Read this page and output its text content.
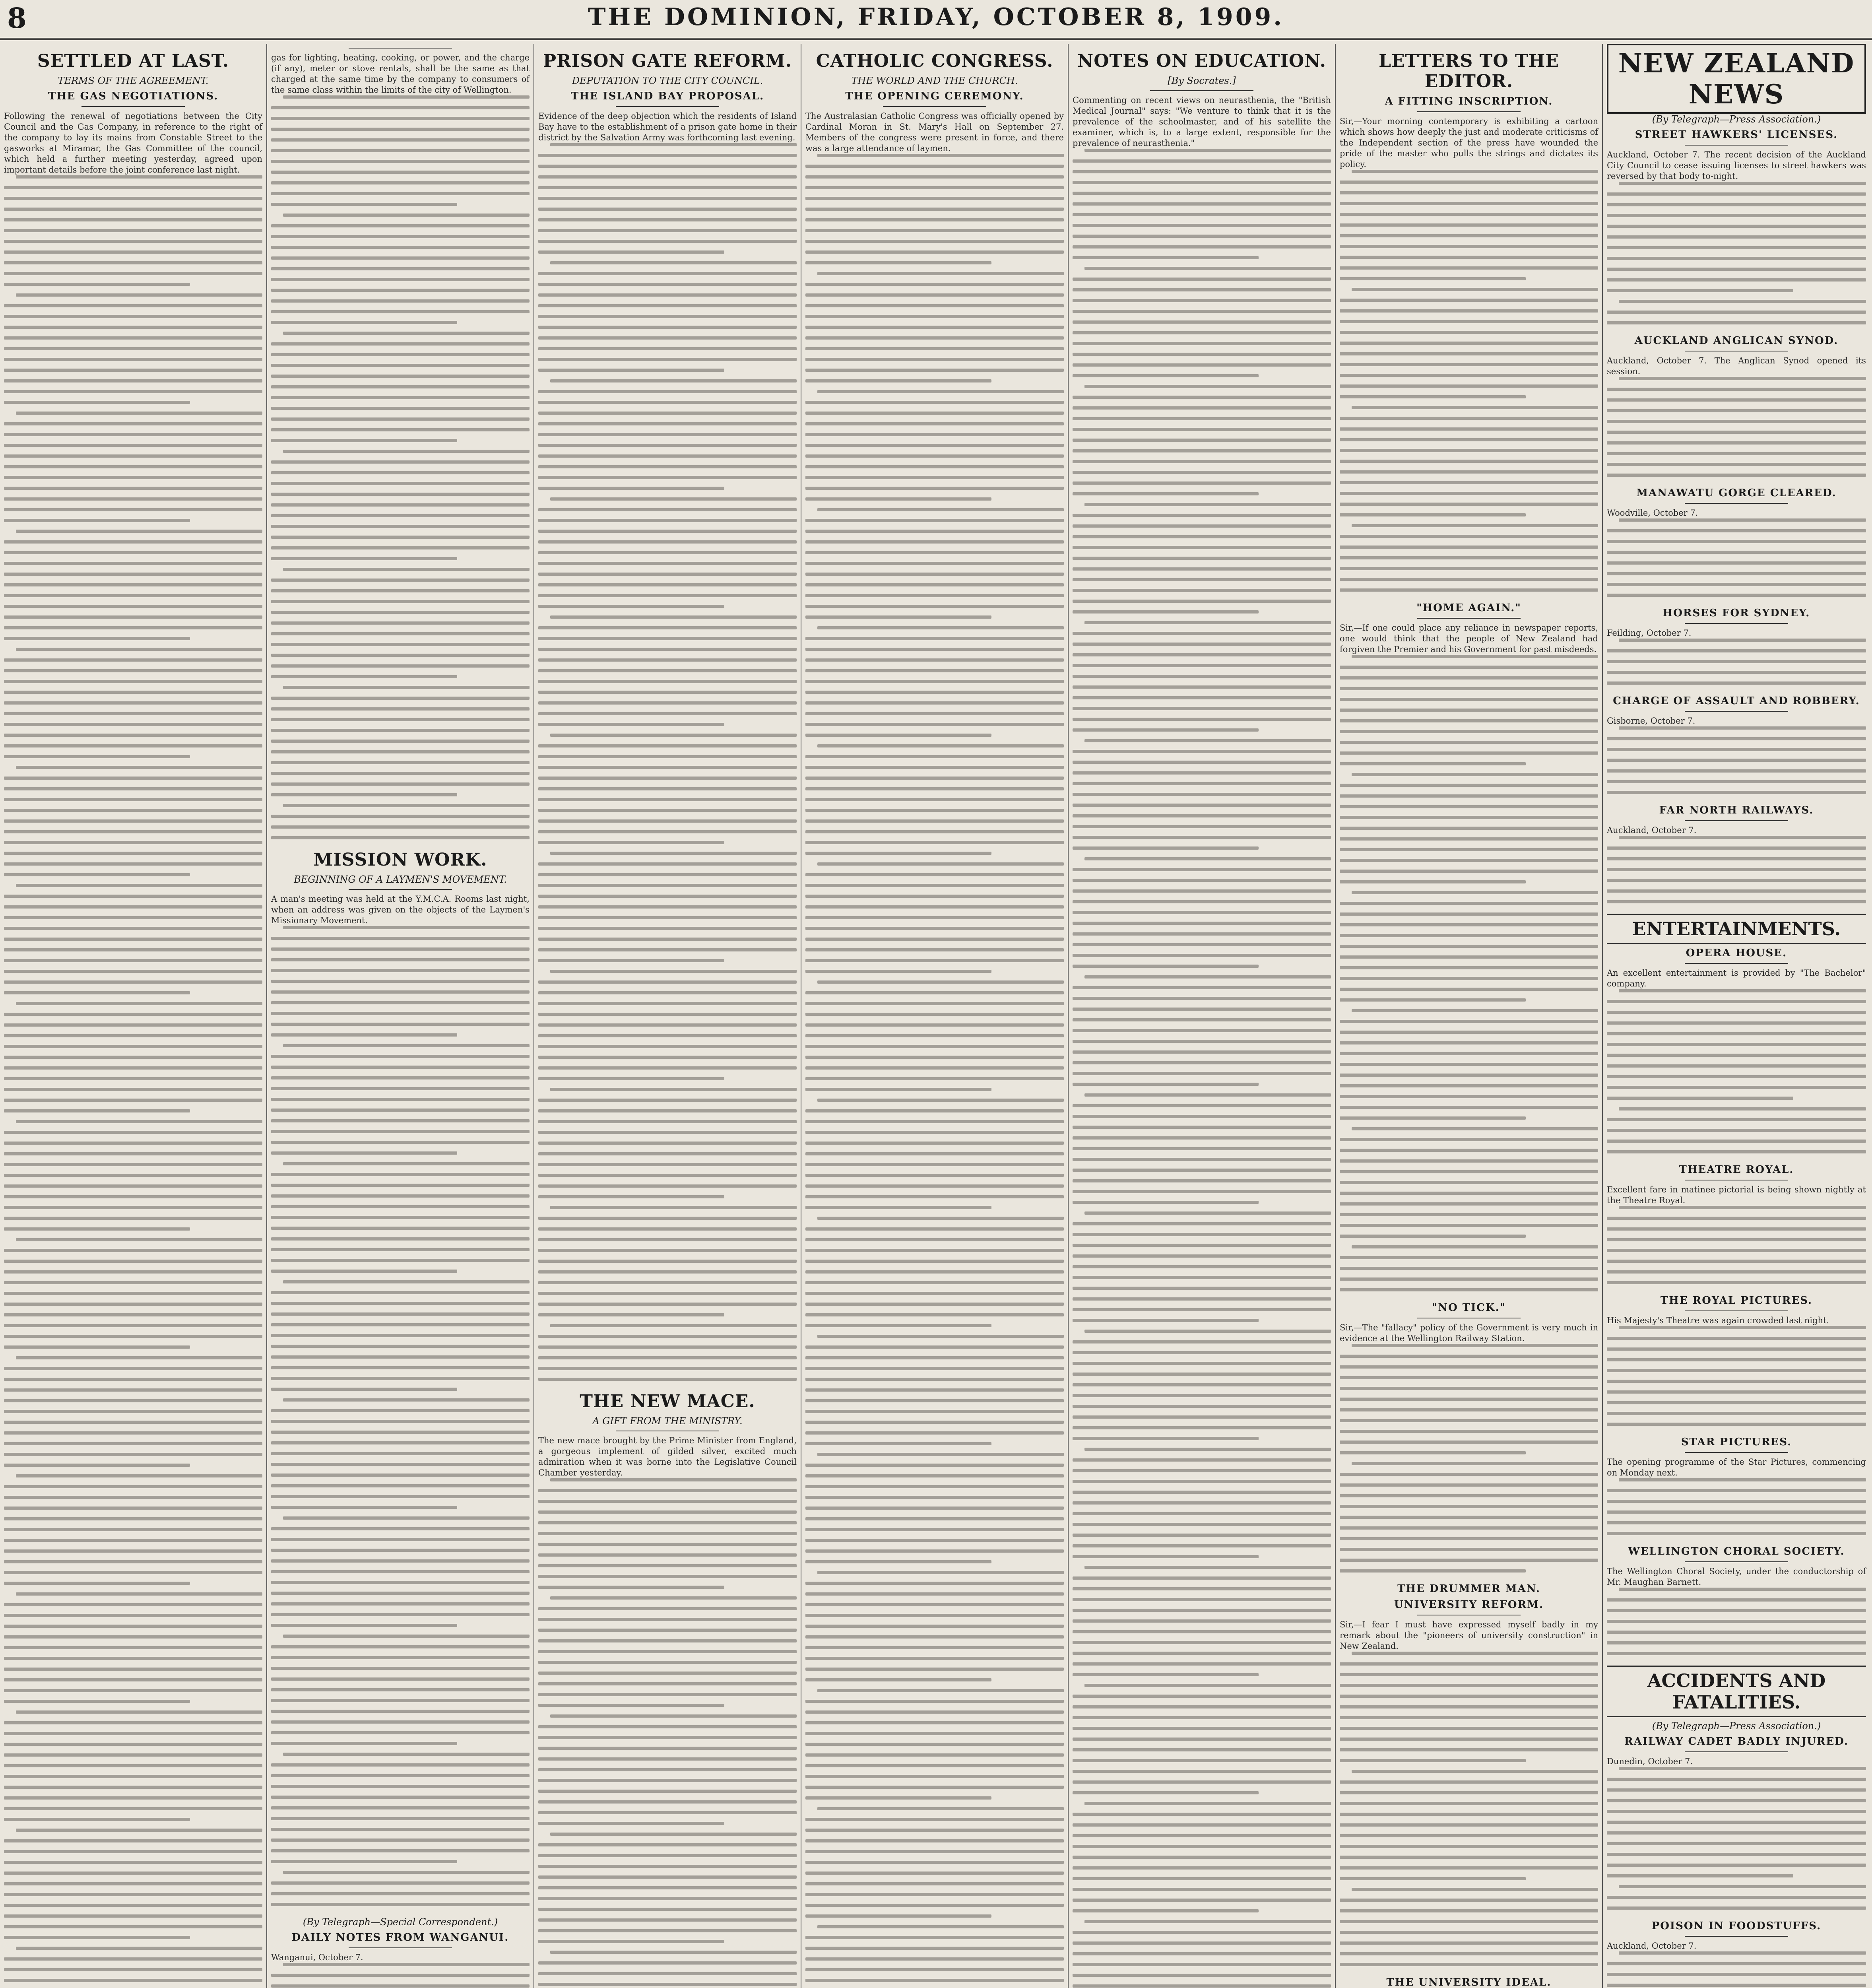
8	THE DOMINION, FRIDAY, OCTOBER 8, 1909.
SETTLED AT LAST.
TERMS OF THE AGREEMENT.
THE GAS NEGOTIATIONS.
Following the renewal of negotiations between the City Council and the Gas Company, in reference to the right of the company to lay its mains from Constable Street to the gasworks at Miramar, the Gas Committee of the council, which held a further meeting yesterday, agreed upon important details before the joint conference last night.
gas for lighting, heating, cooking, or power, and the charge (if any), meter or stove rentals, shall be the same as that charged at the same time by the company to consumers of the same class within the limits of the city of Wellington.
MISSION WORK.
BEGINNING OF A LAYMEN'S MOVEMENT.
A man's meeting was held at the Y.M.C.A. Rooms last night, when an address was given on the objects of the Laymen's Missionary Movement.
(By Telegraph—Special Correspondent.)
DAILY NOTES FROM WANGANUI.
Wanganui, October 7.
PRISON GATE REFORM.
DEPUTATION TO THE CITY COUNCIL.
THE ISLAND BAY PROPOSAL.
Evidence of the deep objection which the residents of Island Bay have to the establishment of a prison gate home in their district by the Salvation Army was forthcoming last evening.
THE NEW MACE.
A GIFT FROM THE MINISTRY.
The new mace brought by the Prime Minister from England, a gorgeous implement of gilded silver, excited much admiration when it was borne into the Legislative Council Chamber yesterday.
CATHOLIC CONGRESS.
THE WORLD AND THE CHURCH.
THE OPENING CEREMONY.
The Australasian Catholic Congress was officially opened by Cardinal Moran in St. Mary's Hall on September 27. Members of the congress were present in force, and there was a large attendance of laymen.
NOTES ON EDUCATION.
[By Socrates.]
Commenting on recent views on neurasthenia, the "British Medical Journal" says: "We venture to think that it is the prevalence of the schoolmaster, and of his satellite the examiner, which is, to a large extent, responsible for the prevalence of neurasthenia."
LETTERS TO THE EDITOR.
A FITTING INSCRIPTION.
Sir,—Your morning contemporary is exhibiting a cartoon which shows how deeply the just and moderate criticisms of the Independent section of the press have wounded the pride of the master who pulls the strings and dictates its policy.
"HOME AGAIN."
Sir,—If one could place any reliance in newspaper reports, one would think that the people of New Zealand had forgiven the Premier and his Government for past misdeeds.
"NO TICK."
Sir,—The "fallacy" policy of the Government is very much in evidence at the Wellington Railway Station.
THE DRUMMER MAN.
UNIVERSITY REFORM.
Sir,—I fear I must have expressed myself badly in my remark about the "pioneers of university construction" in New Zealand.
THE UNIVERSITY IDEAL.
NEW ZEALAND NEWS
(By Telegraph—Press Association.)
STREET HAWKERS' LICENSES.
Auckland, October 7. The recent decision of the Auckland City Council to cease issuing licenses to street hawkers was reversed by that body to-night.
AUCKLAND ANGLICAN SYNOD.
Auckland, October 7. The Anglican Synod opened its session.
MANAWATU GORGE CLEARED.
Woodville, October 7.
HORSES FOR SYDNEY.
Feilding, October 7.
CHARGE OF ASSAULT AND ROBBERY.
Gisborne, October 7.
FAR NORTH RAILWAYS.
Auckland, October 7.
ENTERTAINMENTS.
OPERA HOUSE.
An excellent entertainment is provided by "The Bachelor" company.
THEATRE ROYAL.
Excellent fare in matinee pictorial is being shown nightly at the Theatre Royal.
THE ROYAL PICTURES.
His Majesty's Theatre was again crowded last night.
STAR PICTURES.
The opening programme of the Star Pictures, commencing on Monday next.
WELLINGTON CHORAL SOCIETY.
The Wellington Choral Society, under the conductorship of Mr. Maughan Barnett.
ACCIDENTS AND FATALITIES.
(By Telegraph—Press Association.)
RAILWAY CADET BADLY INJURED.
Dunedin, October 7.
POISON IN FOODSTUFFS.
Auckland, October 7.
